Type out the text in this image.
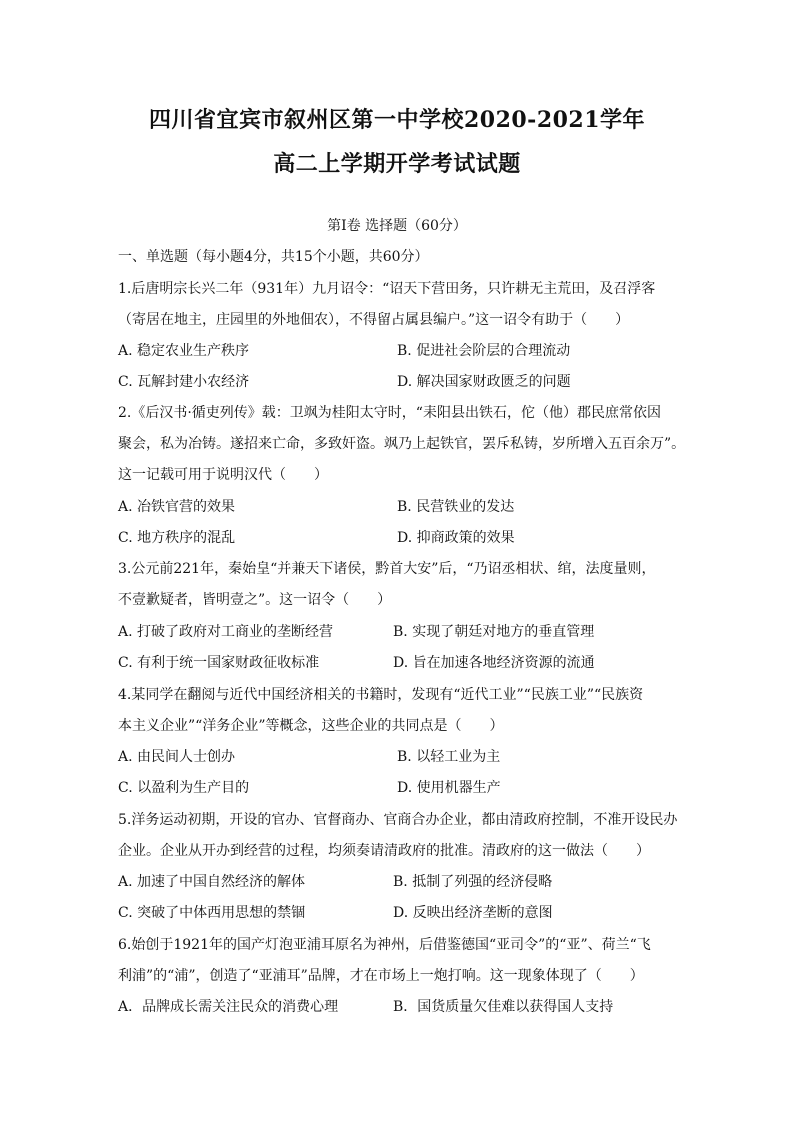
四川省宜宾市叙州区第一中学校2020-2021学年
高二上学期开学考试试题
第I卷 选择题（60分）
一、单选题（每小题4分，共15个小题，共60分）
1.后唐明宗长兴二年（931年）九月诏令：“诏天下营田务，只许耕无主荒田，及召浮客
（寄居在地主，庄园里的外地佃农），不得留占属县编户。”这一诏令有助于（　　）
A. 稳定农业生产秩序	B. 促进社会阶层的合理流动
C. 瓦解封建小农经济	D. 解决国家财政匮乏的问题
2.《后汉书·循吏列传》载：卫飒为桂阳太守时，“耒阳县出铁石，佗（他）郡民庶常依因
聚会，私为冶铸。遂招来亡命，多致奸盗。飒乃上起铁官，罢斥私铸，岁所增入五百余万”。
这一记载可用于说明汉代（　　）
A. 冶铁官营的效果	B. 民营铁业的发达
C. 地方秩序的混乱	D. 抑商政策的效果
3.公元前221年，秦始皇“并兼天下诸侯，黔首大安”后，“乃诏丞相状、绾，法度量则，
不壹歉疑者，皆明壹之”。这一诏令（　　）
A. 打破了政府对工商业的垄断经营	B. 实现了朝廷对地方的垂直管理
C. 有利于统一国家财政征收标准	D. 旨在加速各地经济资源的流通
4.某同学在翻阅与近代中国经济相关的书籍时，发现有“近代工业”“民族工业”“民族资
本主义企业”“洋务企业”等概念，这些企业的共同点是（　　）
A. 由民间人士创办	B. 以轻工业为主
C. 以盈利为生产目的	D. 使用机器生产
5.洋务运动初期，开设的官办、官督商办、官商合办企业，都由清政府控制，不准开设民办
企业。企业从开办到经营的过程，均须奏请清政府的批准。清政府的这一做法（　　）
A. 加速了中国自然经济的解体	B. 抵制了列强的经济侵略
C. 突破了中体西用思想的禁锢	D. 反映出经济垄断的意图
6.始创于1921年的国产灯泡亚浦耳原名为神州，后借鉴德国“亚司令”的“亚”、荷兰“飞
利浦”的“浦”，创造了“亚浦耳”品牌，才在市场上一炮打响。这一现象体现了（　　）
A．品牌成长需关注民众的消费心理	B．国货质量欠佳难以获得国人支持
